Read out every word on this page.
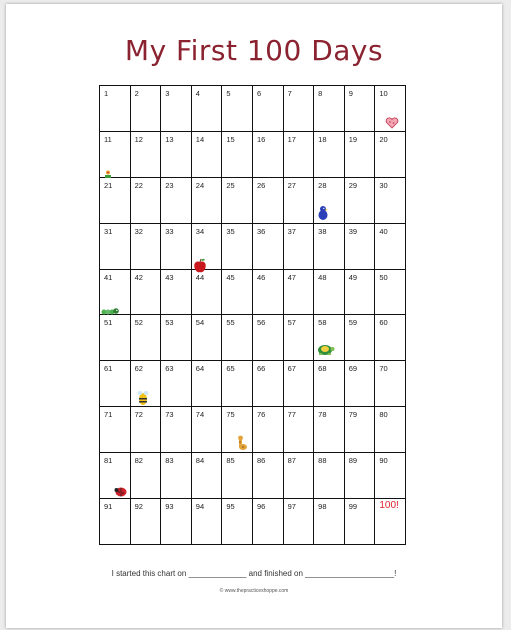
My First 100 Days
1	2	3	4	5	6	7	8	9	10

11	12	13	14	15	16	17	18	19	20

21	22	23	24	25	26	27	28	29	30

31	32	33	34	35	36	37	38	39	40

41	42	43	44	45	46	47	48	49	50

51	52	53	54	55	56	57	58	59	60

61	62	63	64	65	66	67	68	69	70

71	72	73	74	75	76	77	78	79	80

81	82	83	84	85	86	87	88	89	90

91	92	93	94	95	96	97	98	99	100!
I started this chart on _____________ and finished on ____________________!
© www.thepracticeshoppe.com
